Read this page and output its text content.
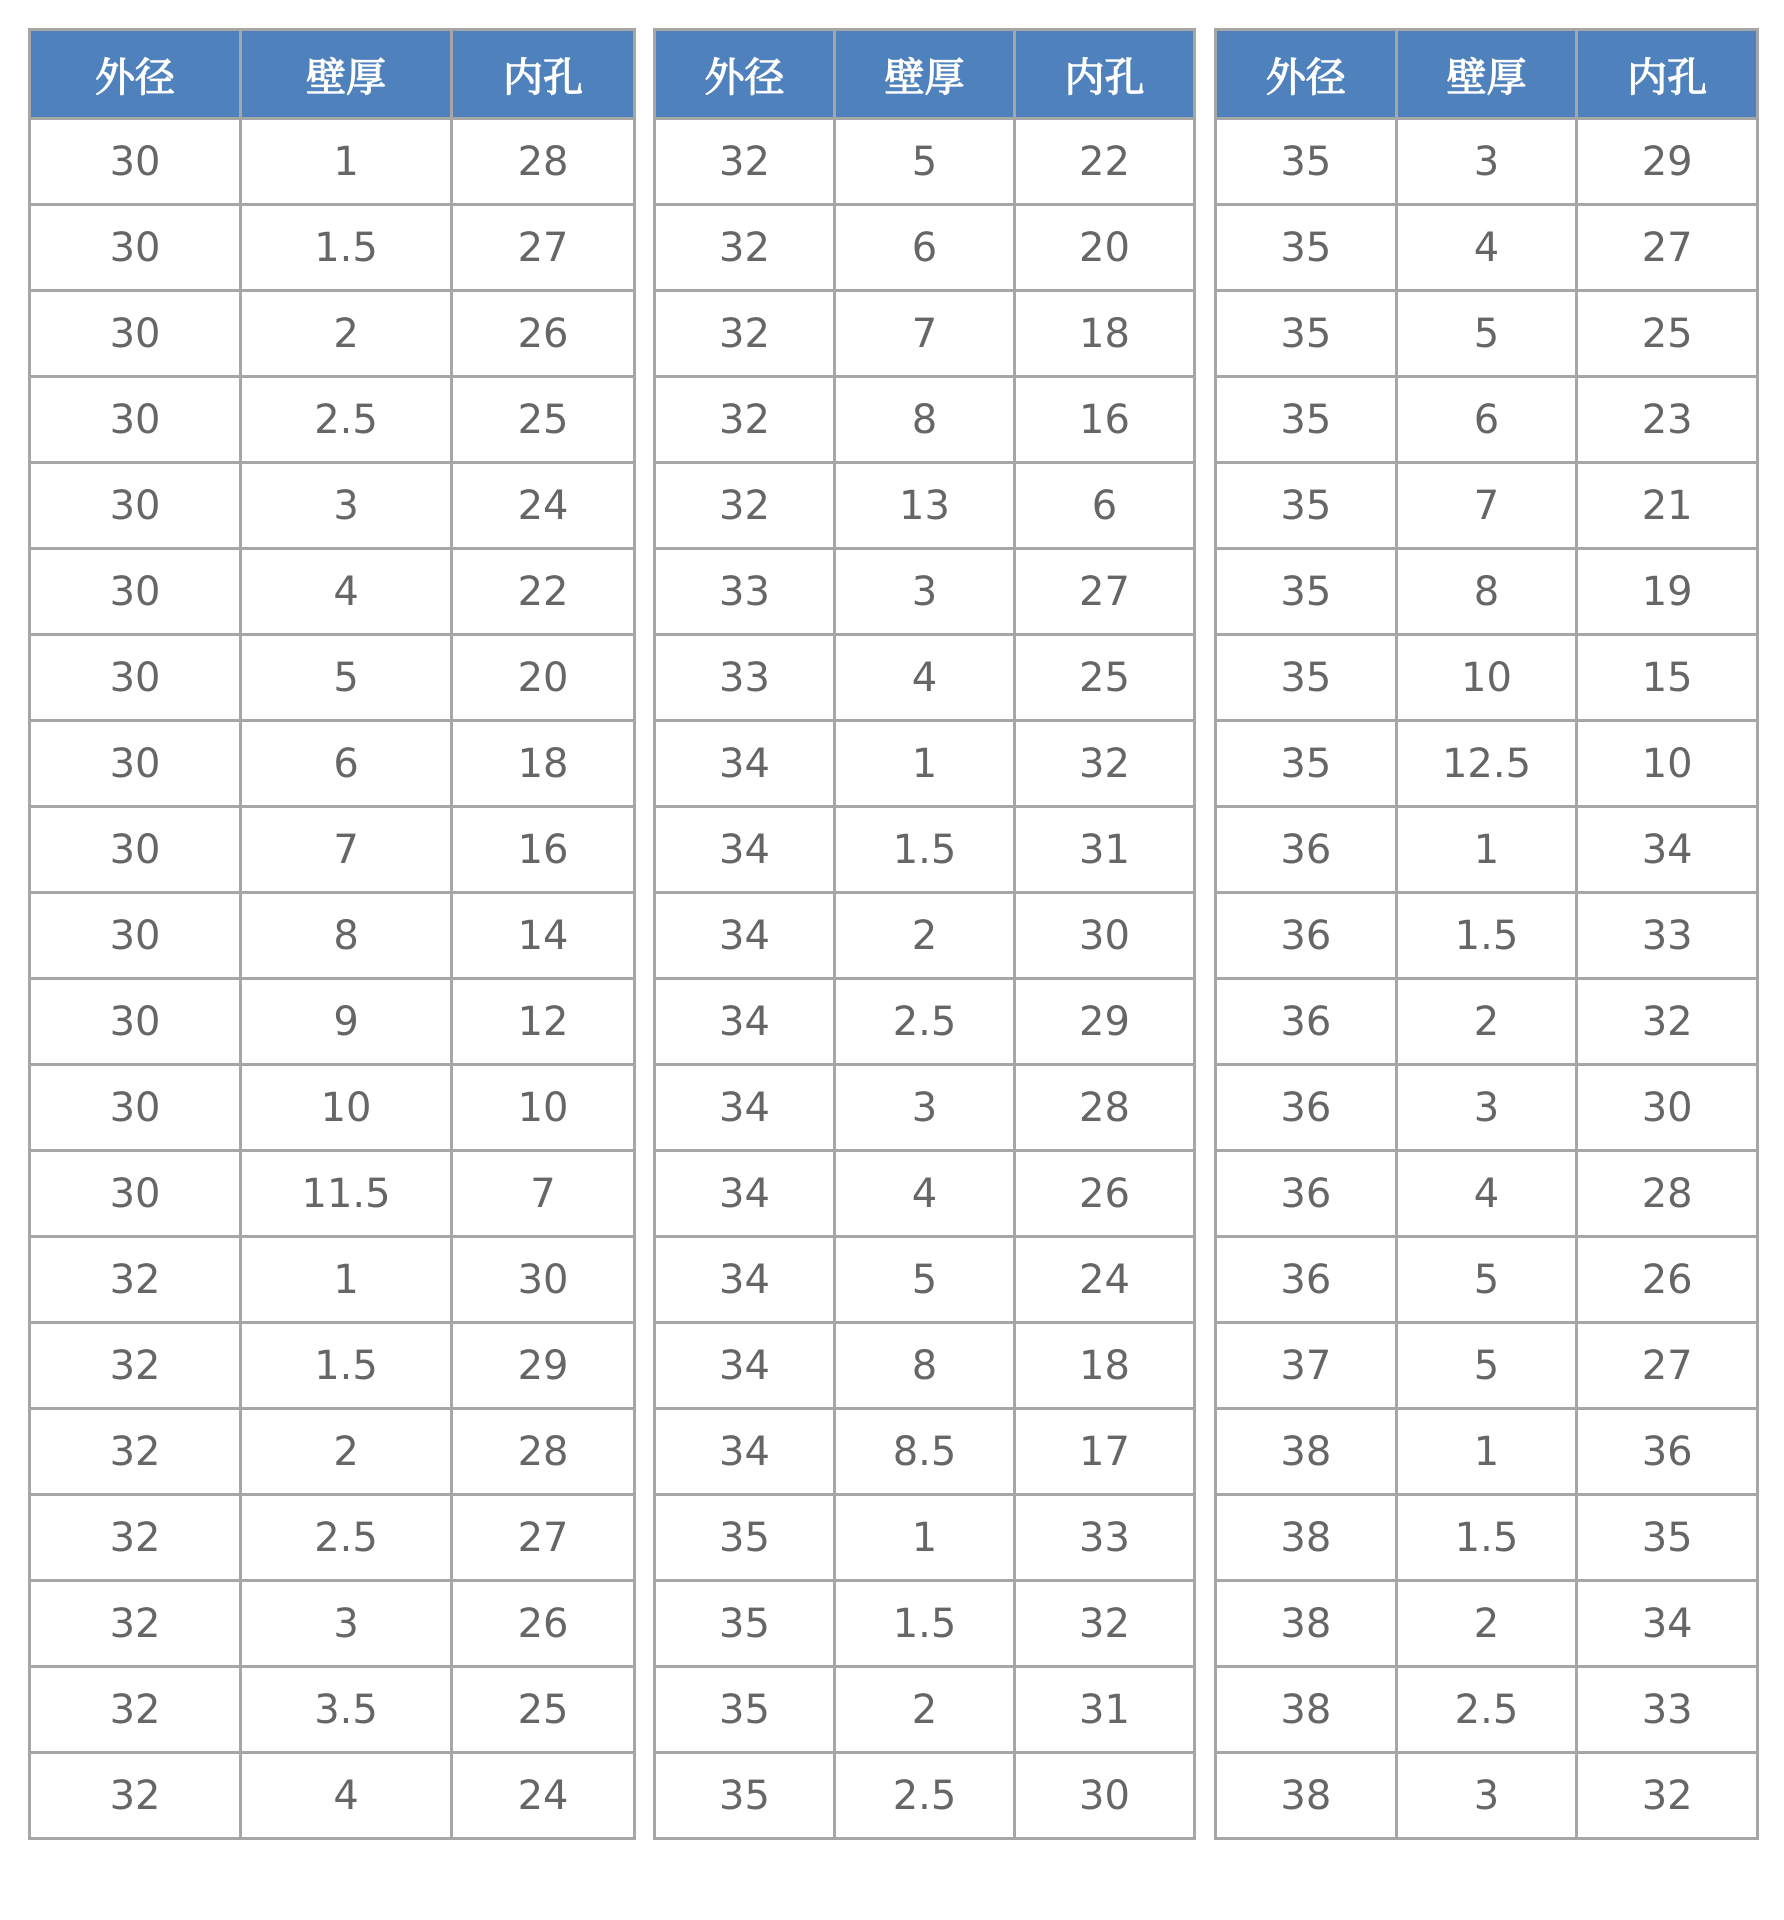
外径	壁厚	内孔
30	1	28
30	1.5	27
30	2	26
30	2.5	25
30	3	24
30	4	22
30	5	20
30	6	18
30	7	16
30	8	14
30	9	12
30	10	10
30	11.5	7
32	1	30
32	1.5	29
32	2	28
32	2.5	27
32	3	26
32	3.5	25
32	4	24
外径	壁厚	内孔
32	5	22
32	6	20
32	7	18
32	8	16
32	13	6
33	3	27
33	4	25
34	1	32
34	1.5	31
34	2	30
34	2.5	29
34	3	28
34	4	26
34	5	24
34	8	18
34	8.5	17
35	1	33
35	1.5	32
35	2	31
35	2.5	30
外径	壁厚	内孔
35	3	29
35	4	27
35	5	25
35	6	23
35	7	21
35	8	19
35	10	15
35	12.5	10
36	1	34
36	1.5	33
36	2	32
36	3	30
36	4	28
36	5	26
37	5	27
38	1	36
38	1.5	35
38	2	34
38	2.5	33
38	3	32
